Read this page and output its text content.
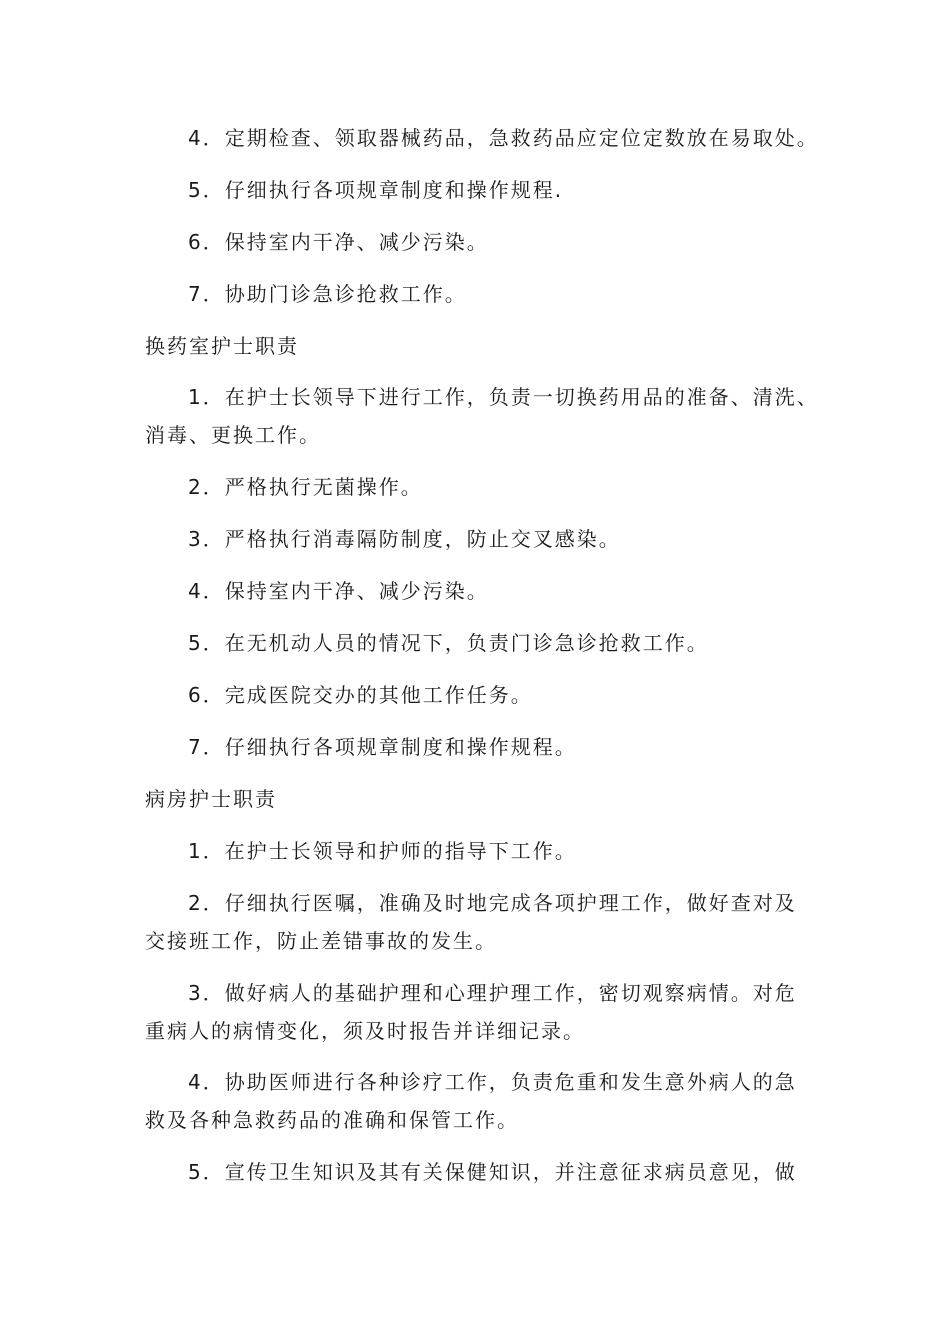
4．定期检查、领取器械药品，急救药品应定位定数放在易取处。
5．仔细执行各项规章制度和操作规程.
6．保持室内干净、减少污染。
7．协助门诊急诊抢救工作。
换药室护士职责
1．在护士长领导下进行工作，负责一切换药用品的准备、清洗、
消毒、更换工作。
2．严格执行无菌操作。
3．严格执行消毒隔防制度，防止交叉感染。
4．保持室内干净、减少污染。
5．在无机动人员的情况下，负责门诊急诊抢救工作。
6．完成医院交办的其他工作任务。
7．仔细执行各项规章制度和操作规程。
病房护士职责
1．在护士长领导和护师的指导下工作。
2．仔细执行医嘱，准确及时地完成各项护理工作，做好查对及
交接班工作，防止差错事故的发生。
3．做好病人的基础护理和心理护理工作，密切观察病情。对危
重病人的病情变化，须及时报告并详细记录。
4．协助医师进行各种诊疗工作，负责危重和发生意外病人的急
救及各种急救药品的准确和保管工作。
5．宣传卫生知识及其有关保健知识，并注意征求病员意见，做
